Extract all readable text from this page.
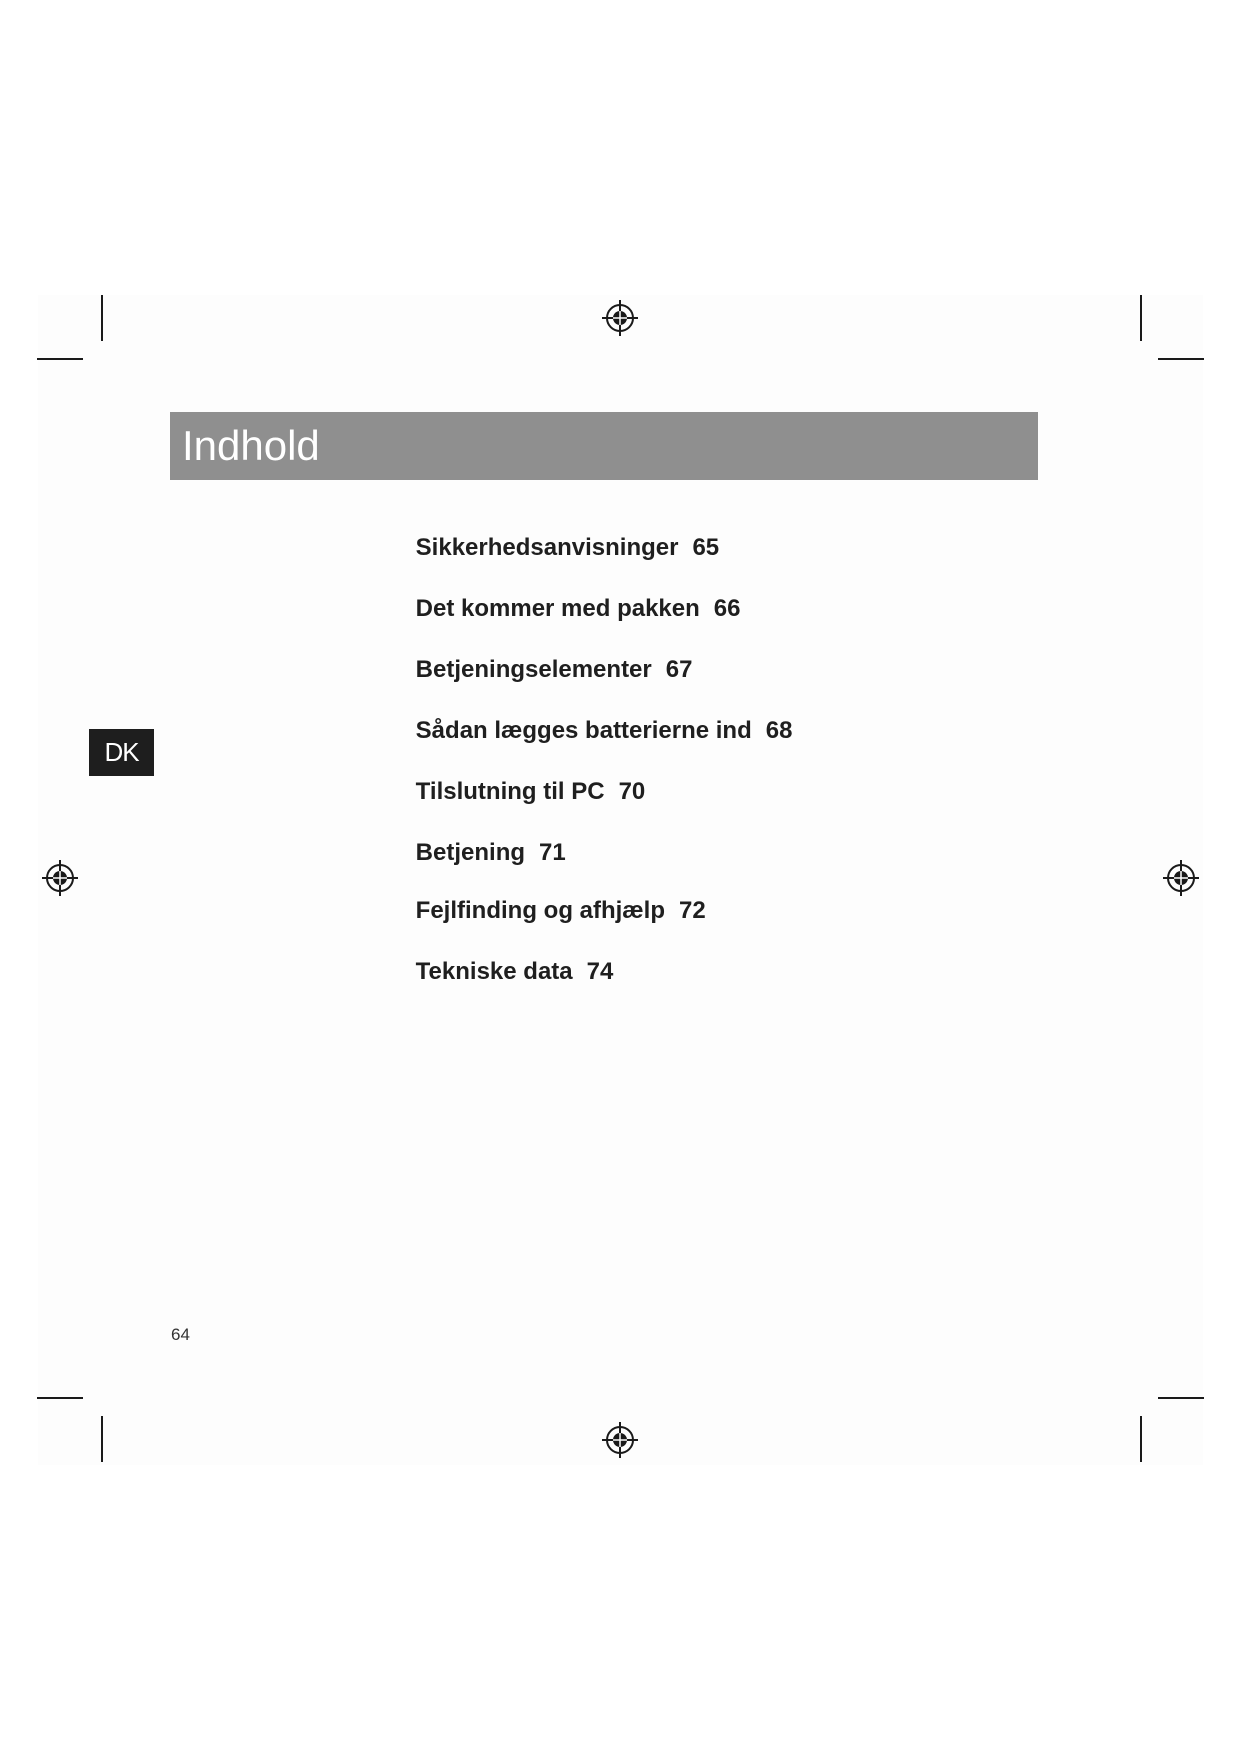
Indhold
DK

Sikkerhedsanvisninger 65

Det kommer med pakken 66

Betjeningselementer 67

Sådan lægges batterierne ind 68

Tilslutning til PC 70

Betjening 71

Fejlfinding og afhjælp 72

Tekniske data 74

64
